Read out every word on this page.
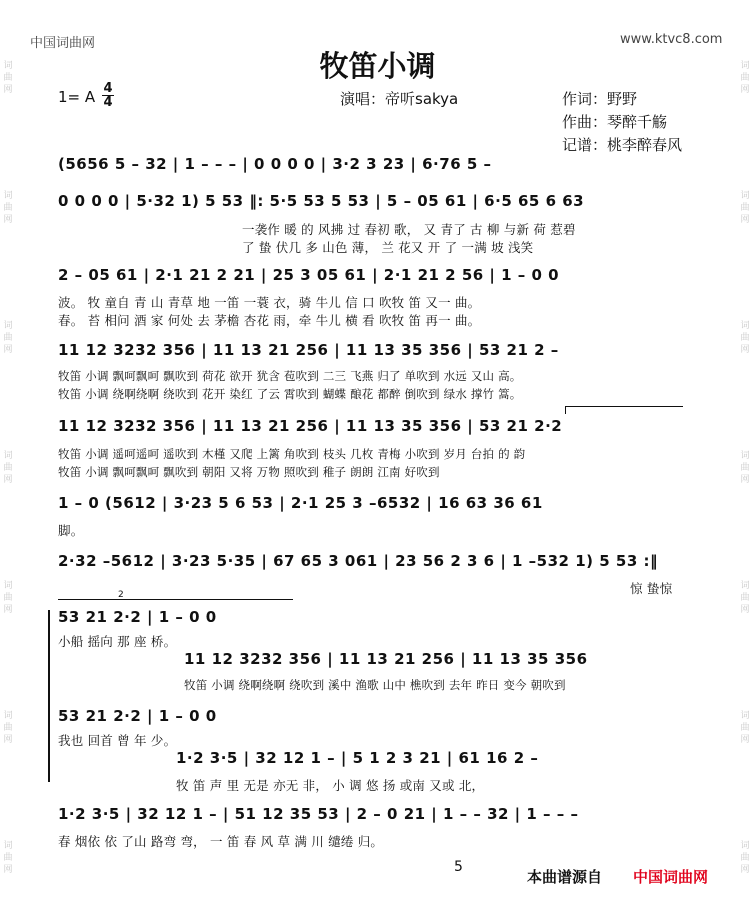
词曲网
词曲网
词曲网
词曲网
词曲网
词曲网
词曲网
词曲网
词曲网
词曲网
词曲网
词曲网
词曲网
词曲网
中国词曲网	www.ktvc8.com
牧笛小调
1= A 4
4	演唱：帝听sakya	作词：野野
作曲：琴醉千觞
记谱：桃李醉春风
(5656 5 – 32 | 1 – – – | 0 0 0 0 | 3·2 3 23 | 6·76 5 –
0 0 0 0 | 5·32 1) 5 53 ‖: 5·5 53 5 53 | 5 – 05 61 | 6·5 65 6 63
一袭作 暖 的 风拂 过 春初 歌， 又 青了 古 柳 与新 荷 惹碧
了 蛰 伏几 多 山色 薄， 兰 花又 开 了 一满 坡 浅笑
2 – 05 61 | 2·1 21 2 21 | 25 3 05 61 | 2·1 21 2 56 | 1 – 0 0
波。 牧 童自 青 山 青草 地 一笛 一蓑 衣，骑 牛儿 信 口 吹牧 笛 又一 曲。
春。 苔 相问 酒 家 何处 去 茅檐 杏花 雨，牵 牛儿 横 看 吹牧 笛 再一 曲。
11 12 3232 356 | 11 13 21 256 | 11 13 35 356 | 53 21 2 –
牧笛 小调 飘呵飘呵 飘吹到 荷花 欲开 犹含 苞吹到 二三 飞燕 归了 单吹到 水远 又山 高。
牧笛 小调 绕啊绕啊 绕吹到 花开 染红 了云 霄吹到 蝴蝶 酿花 都醉 倒吹到 绿水 撑竹 篙。
11 12 3232 356 | 11 13 21 256 | 11 13 35 356 | 53 21 2·2
牧笛 小调 遥呵遥呵 遥吹到 木槿 又爬 上篱 角吹到 枝头 几枚 青梅 小吹到 岁月 台拍 的 韵
牧笛 小调 飘呵飘呵 飘吹到 朝阳 又将 万物 照吹到 稚子 朗朗 江南 好吹到
1 – 0 (5612 | 3·23 5 6 53 | 2·1 25 3 –6532 | 16 63 36 61
脚。
2·32 –5612 | 3·23 5·35 | 67 65 3 061 | 23 56 2 3 6 | 1 –532 1) 5 53 :‖
惊 蛰惊
2
53 21 2·2 | 1 – 0 0
小船 摇向 那 座 桥。
11 12 3232 356 | 11 13 21 256 | 11 13 35 356
牧笛 小调 绕啊绕啊 绕吹到 溪中 渔歌 山中 樵吹到 去年 昨日 变今 朝吹到
53 21 2·2 | 1 – 0 0
我也 回首 曾 年 少。
1·2 3·5 | 32 12 1 – | 5 1 2 3 21 | 61 16 2 –
牧 笛 声 里 无是 亦无 非， 小 调 悠 扬 或南 又或 北，
1·2 3·5 | 32 12 1 – | 51 12 35 53 | 2 – 0 21 | 1 – – 32 | 1 – – –
春 烟依 依 了山 路弯 弯， 一 笛 春 风 草 满 川 缱绻 归。
5
本曲谱源自 中国词曲网
